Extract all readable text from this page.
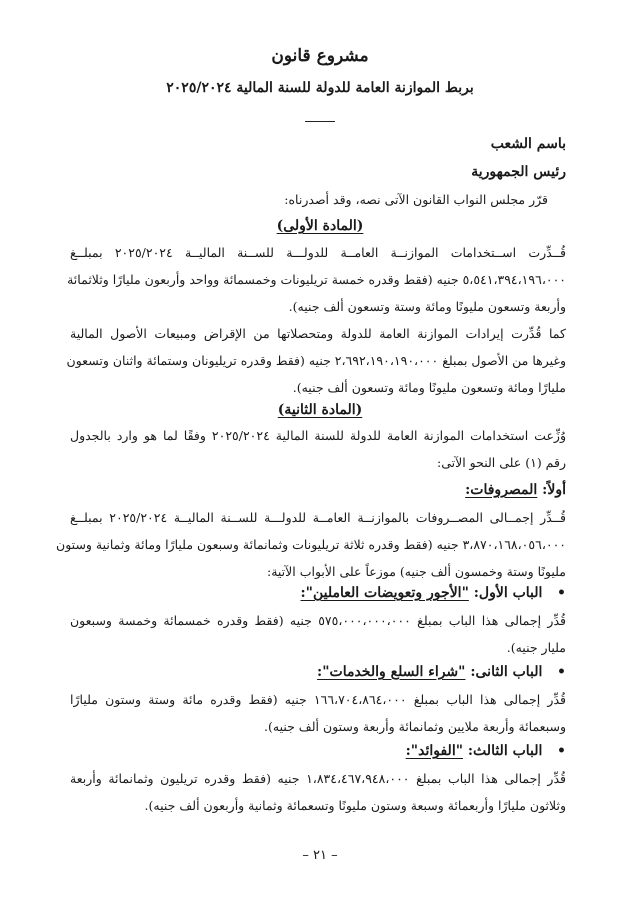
مشروع قانون
بربط الموازنة العامة للدولة للسنة المالية ٢٠٢٥/٢٠٢٤
باسم الشعب
رئيس الجمهورية
قرّر مجلس النواب القانون الآتى نصه، وقد أصدرناه:
(المادة الأولى)
قُــدِّرت اســتخدامات الموازنــة العامــة للدولـــة للســنة الماليــة ٢٠٢٥/٢٠٢٤ بمبلــغ
٥،٥٤١،٣٩٤،١٩٦،٠٠٠ جنيه (فقط وقدره خمسة تريليونات وخمسمائة وواحد وأربعون مليارًا وثلاثمائة
وأربعة وتسعون مليونًا ومائة وستة وتسعون ألف جنيه).
كما قُدِّرت إيرادات الموازنة العامة للدولة ومتحصلاتها من الإقراض ومبيعات الأصول المالية
وغيرها من الأصول بمبلغ ٢،٦٩٢،١٩٠،١٩٠،٠٠٠ جنيه (فقط وقدره تريليونان وستمائة واثنان وتسعون
مليارًا ومائة وتسعون مليونًا ومائة وتسعون ألف جنيه).
(المادة الثانية)
وُزِّعت استخدامات الموازنة العامة للدولة للسنة المالية ٢٠٢٥/٢٠٢٤ وفقًا لما هو وارد بالجدول
رقم (١) على النحو الآتى:
أولاً: المصروفات:
قُــدِّر إجمــالى المصــروفات بالموازنــة العامــة للدولـــة للســنة الماليــة ٢٠٢٥/٢٠٢٤ بمبلــغ
٣،٨٧٠،١٦٨،٠٥٦،٠٠٠ جنيه (فقط وقدره ثلاثة تريليونات وثمانمائة وسبعون مليارًا ومائة وثمانية وستون
مليونًا وستة وخمسون ألف جنيه) موزعاً على الأبواب الآتية:
•   الباب الأول: "الأجور وتعويضات العاملين":
قُدِّر إجمالى هذا الباب بمبلغ ٥٧٥،٠٠٠،٠٠٠،٠٠٠ جنيه (فقط وقدره خمسمائة وخمسة وسبعون
مليار جنيه).
•   الباب الثانى: "شراء السلع والخدمات":
قُدِّر إجمالى هذا الباب بمبلغ ١٦٦،٧٠٤،٨٦٤،٠٠٠ جنيه (فقط وقدره مائة وستة وستون مليارًا
وسبعمائة وأربعة ملايين وثمانمائة وأربعة وستون ألف جنيه).
•   الباب الثالث: "الفوائد":
قُدِّر إجمالى هذا الباب بمبلغ ١،٨٣٤،٤٦٧،٩٤٨،٠٠٠ جنيه (فقط وقدره تريليون وثمانمائة وأربعة
وثلاثون مليارًا وأربعمائة وسبعة وستون مليونًا وتسعمائة وثمانية وأربعون ألف جنيه).
– ٢١ –
